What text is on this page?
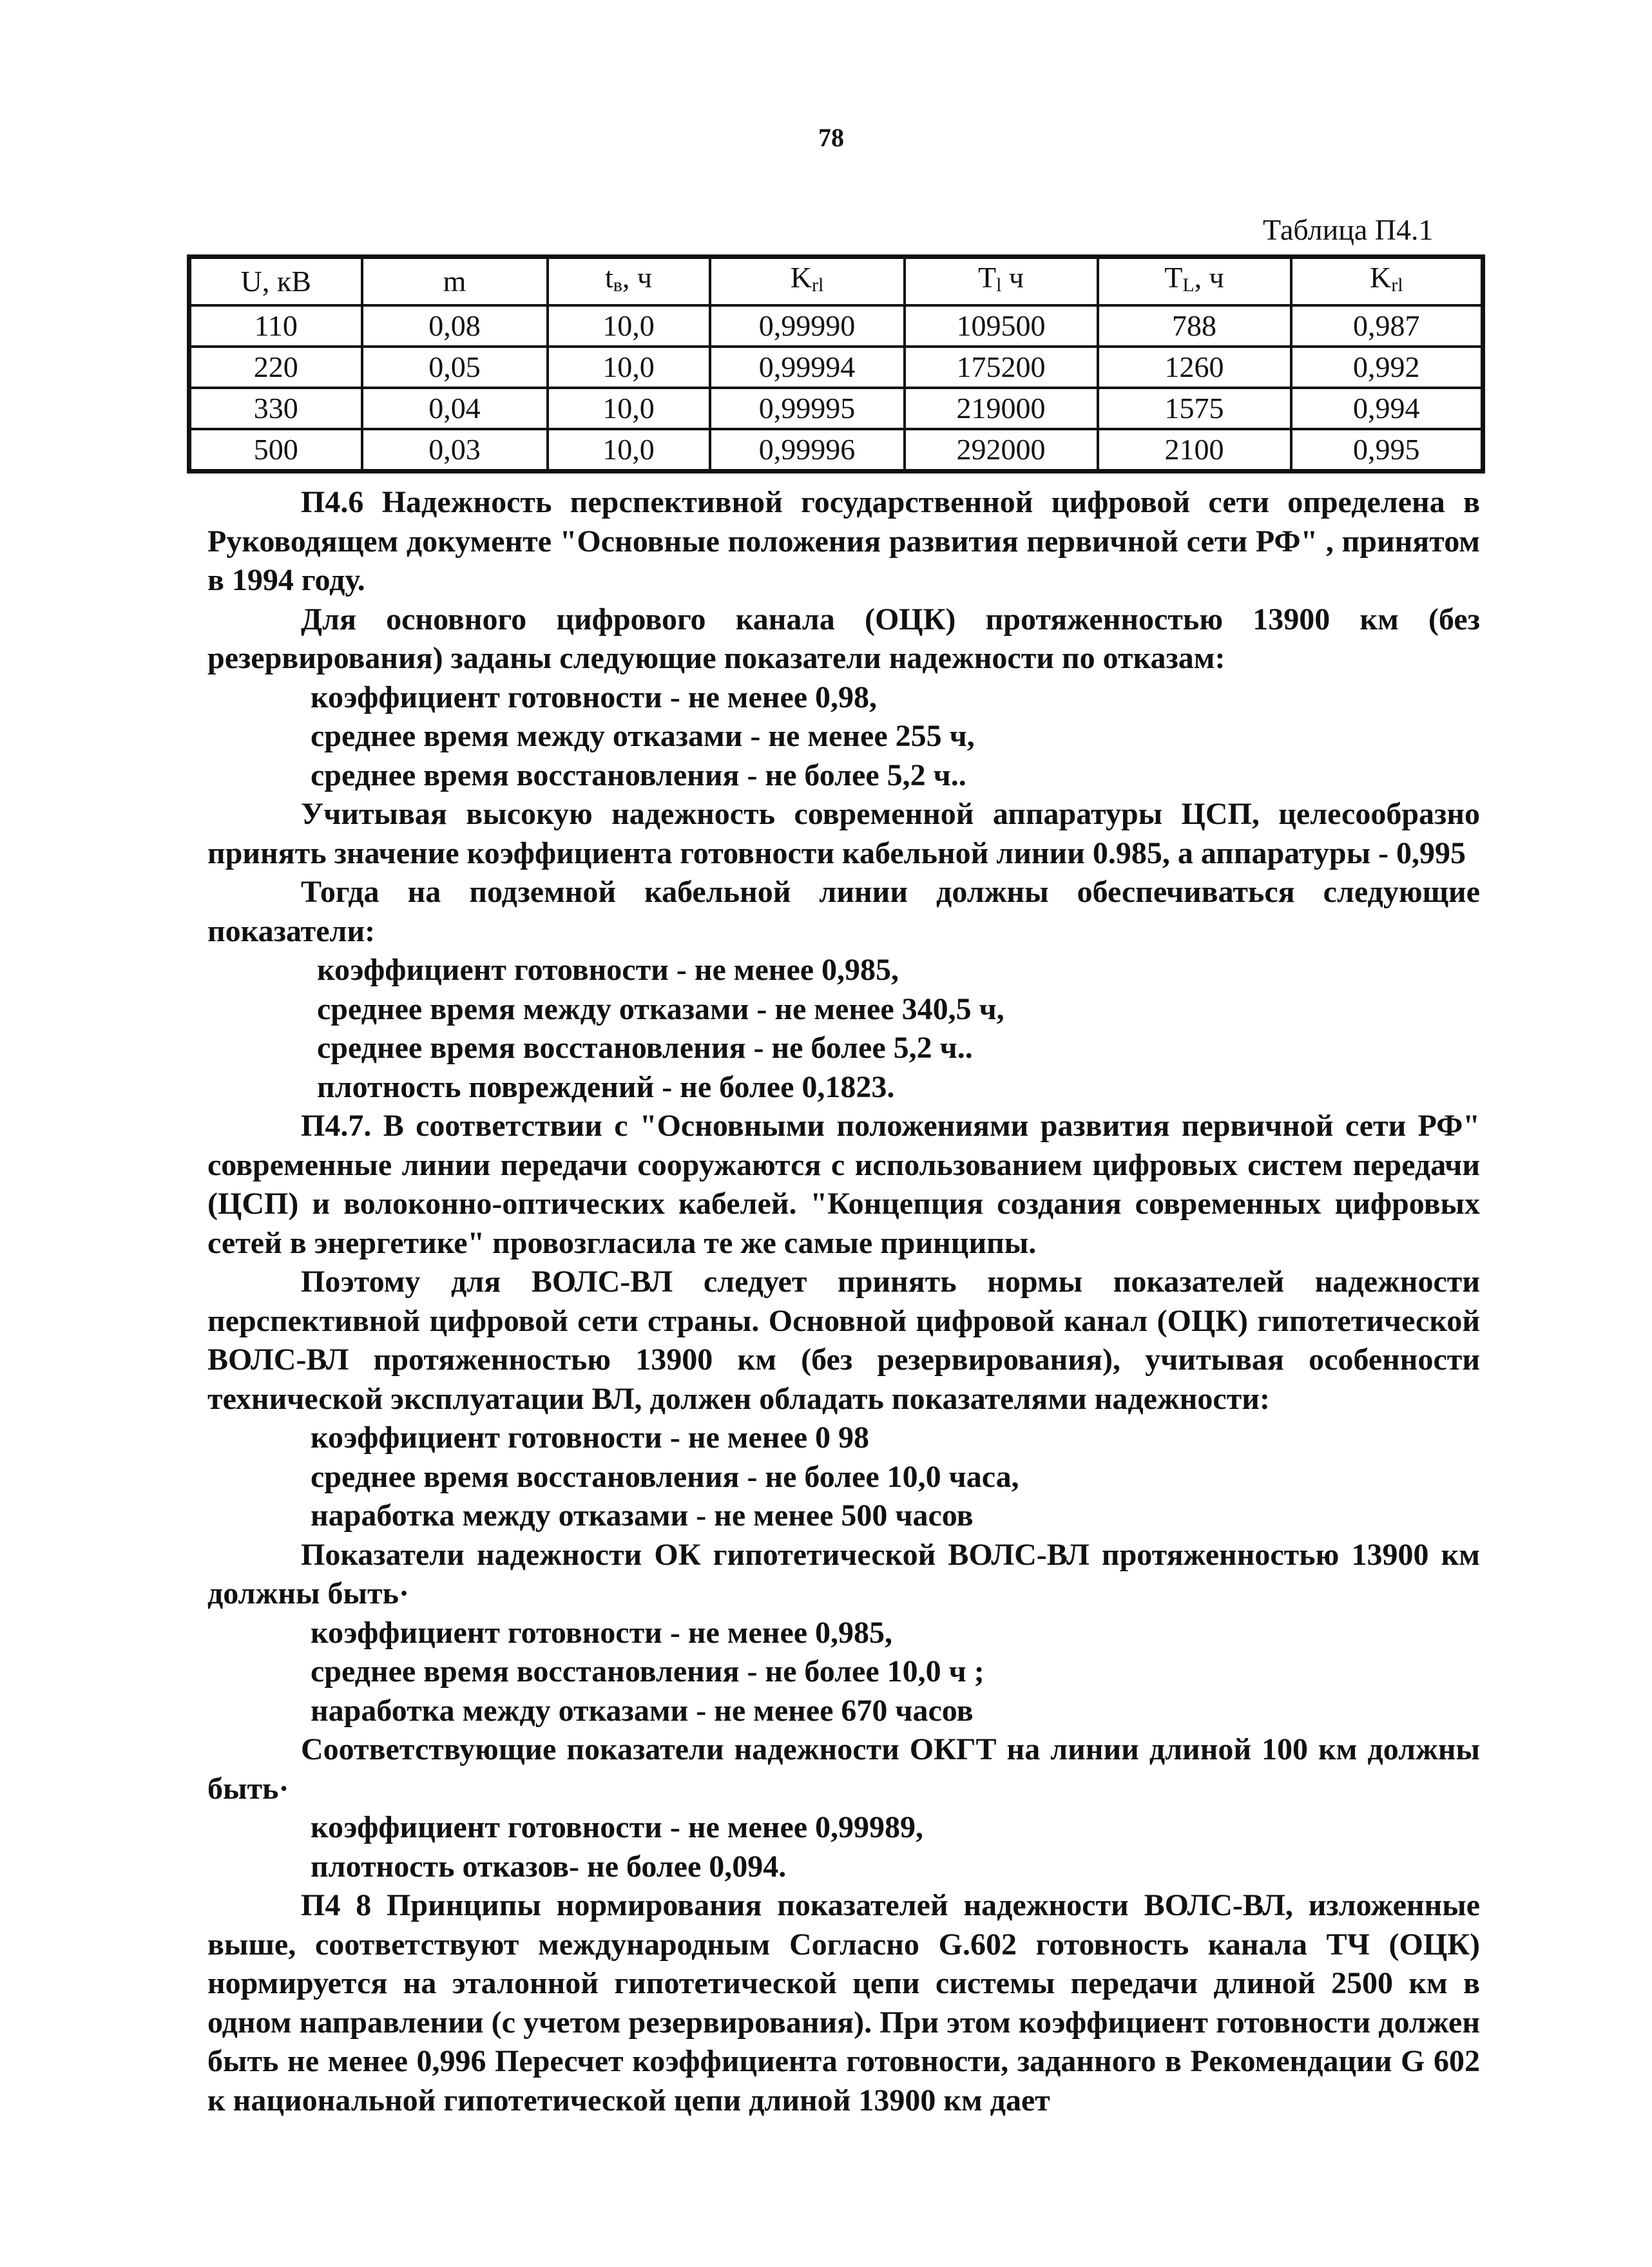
78
Таблица П4.1
U, кВ	m	$t_в$, ч	$K_{rl}$	$T_l$ ч	$T_L$, ч	$K_{rl}$
110	0,08	10,0	0,99990	109500	788	0,987
220	0,05	10,0	0,99994	175200	1260	0,992
330	0,04	10,0	0,99995	219000	1575	0,994
500	0,03	10,0	0,99996	292000	2100	0,995

П4.6 Надежность перспективной государственной цифровой сети определена в Руководящем документе "Основные положения развития первичной сети РФ" , принятом в 1994 году.

Для основного цифрового канала (ОЦК) протяженностью 13900 км (без резервирования) заданы следующие показатели надежности по отказам:

коэффициент готовности - не менее 0,98,

среднее время между отказами - не менее 255 ч,

среднее время восстановления - не более 5,2 ч..

Учитывая высокую надежность современной аппаратуры ЦСП, целесообразно принять значение коэффициента готовности кабельной линии 0.985, а аппаратуры - 0,995

Тогда на подземной кабельной линии должны обеспечиваться следующие показатели:

коэффициент готовности - не менее 0,985,

среднее время между отказами - не менее 340,5 ч,

среднее время восстановления - не более 5,2 ч..

плотность повреждений - не более 0,1823.

П4.7. В соответствии с "Основными положениями развития первичной сети РФ" современные линии передачи сооружаются с использованием цифровых систем передачи (ЦСП) и волоконно-оптических кабелей. "Концепция создания современных цифровых сетей в энергетике" провозгласила те же самые принципы.

Поэтому для ВОЛС-ВЛ следует принять нормы показателей надежности перспективной цифровой сети страны. Основной цифровой канал (ОЦК) гипотетической ВОЛС-ВЛ протяженностью 13900 км (без резервирования), учитывая особенности технической эксплуатации ВЛ, должен обладать показателями надежности:

коэффициент готовности - не менее 0 98

среднее время восстановления - не более 10,0 часа,

наработка между отказами - не менее 500 часов

Показатели надежности ОК гипотетической ВОЛС-ВЛ протяженностью 13900 км должны быть·

коэффициент готовности - не менее 0,985,

среднее время восстановления - не более 10,0 ч ;

наработка между отказами - не менее 670 часов

Соответствующие показатели надежности ОКГТ на линии длиной 100 км должны быть·

коэффициент готовности - не менее 0,99989,

плотность отказов- не более 0,094.

П4 8 Принципы нормирования показателей надежности ВОЛС-ВЛ, изложенные выше, соответствуют международным Согласно G.602 готовность канала ТЧ (ОЦК) нормируется на эталонной гипотетической цепи системы передачи длиной 2500 км в одном направлении (с учетом резервирования). При этом коэффициент готовности должен быть не менее 0,996 Пересчет коэффициента готовности, заданного в Рекомендации G 602 к национальной гипотетической цепи длиной 13900 км дает
